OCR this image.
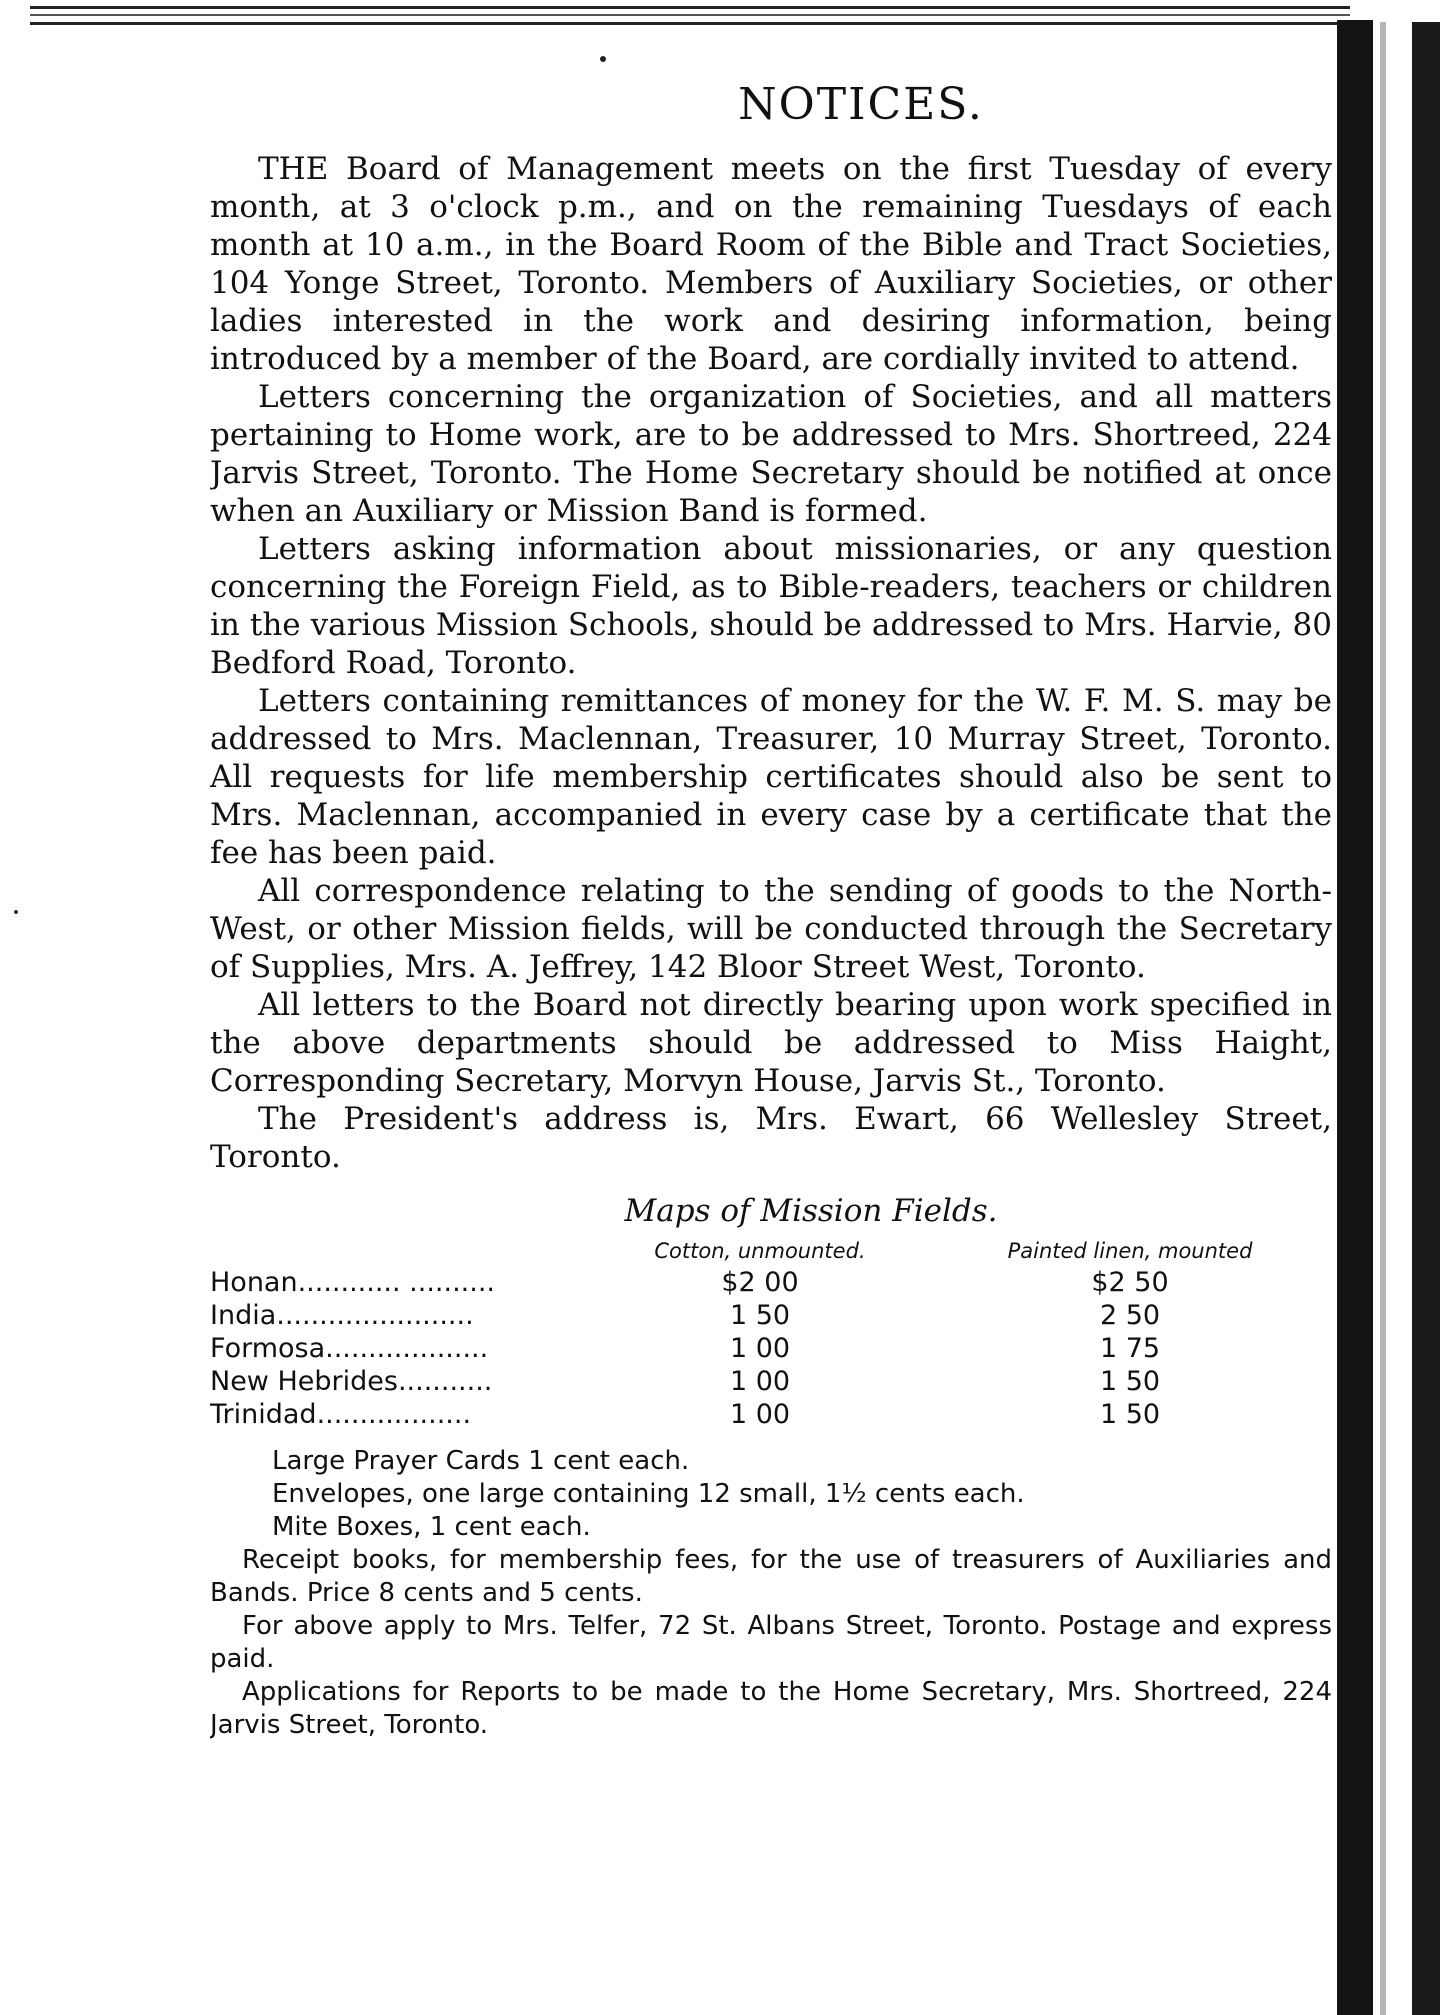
NOTICES.

THE Board of Management meets on the first Tuesday of every month, at 3 o'clock p.m., and on the remaining Tuesdays of each month at 10 a.m., in the Board Room of the Bible and Tract Societies, 104 Yonge Street, Toronto. Members of Auxiliary Societies, or other ladies interested in the work and desiring information, being introduced by a member of the Board, are cordially invited to attend.

Letters concerning the organization of Societies, and all matters pertaining to Home work, are to be addressed to Mrs. Shortreed, 224 Jarvis Street, Toronto. The Home Secretary should be notified at once when an Auxiliary or Mission Band is formed.

Letters asking information about missionaries, or any question concerning the Foreign Field, as to Bible-readers, teachers or children in the various Mission Schools, should be addressed to Mrs. Harvie, 80 Bedford Road, Toronto.

Letters containing remittances of money for the W. F. M. S. may be addressed to Mrs. Maclennan, Treasurer, 10 Murray Street, Toronto. All requests for life membership certificates should also be sent to Mrs. Maclennan, accompanied in every case by a certificate that the fee has been paid.

All correspondence relating to the sending of goods to the North-West, or other Mission fields, will be conducted through the Secretary of Supplies, Mrs. A. Jeffrey, 142 Bloor Street West, Toronto.

All letters to the Board not directly bearing upon work specified in the above departments should be addressed to Miss Haight, Corresponding Secretary, Morvyn House, Jarvis St., Toronto.

The President's address is, Mrs. Ewart, 66 Wellesley Street, Toronto.

Maps of Mission Fields.
	Cotton, unmounted.	Painted linen, mounted
Honan............ ..........	$2 00	$2 50
India.......................	1 50	2 50
Formosa...................	1 00	1 75
New Hebrides...........	1 00	1 50
Trinidad..................	1 00	1 50

Large Prayer Cards 1 cent each.

Envelopes, one large containing 12 small, 1½ cents each.

Mite Boxes, 1 cent each.

Receipt books, for membership fees, for the use of treasurers of Auxiliaries and Bands. Price 8 cents and 5 cents.

For above apply to Mrs. Telfer, 72 St. Albans Street, Toronto. Postage and express paid.

Applications for Reports to be made to the Home Secretary, Mrs. Shortreed, 224 Jarvis Street, Toronto.
